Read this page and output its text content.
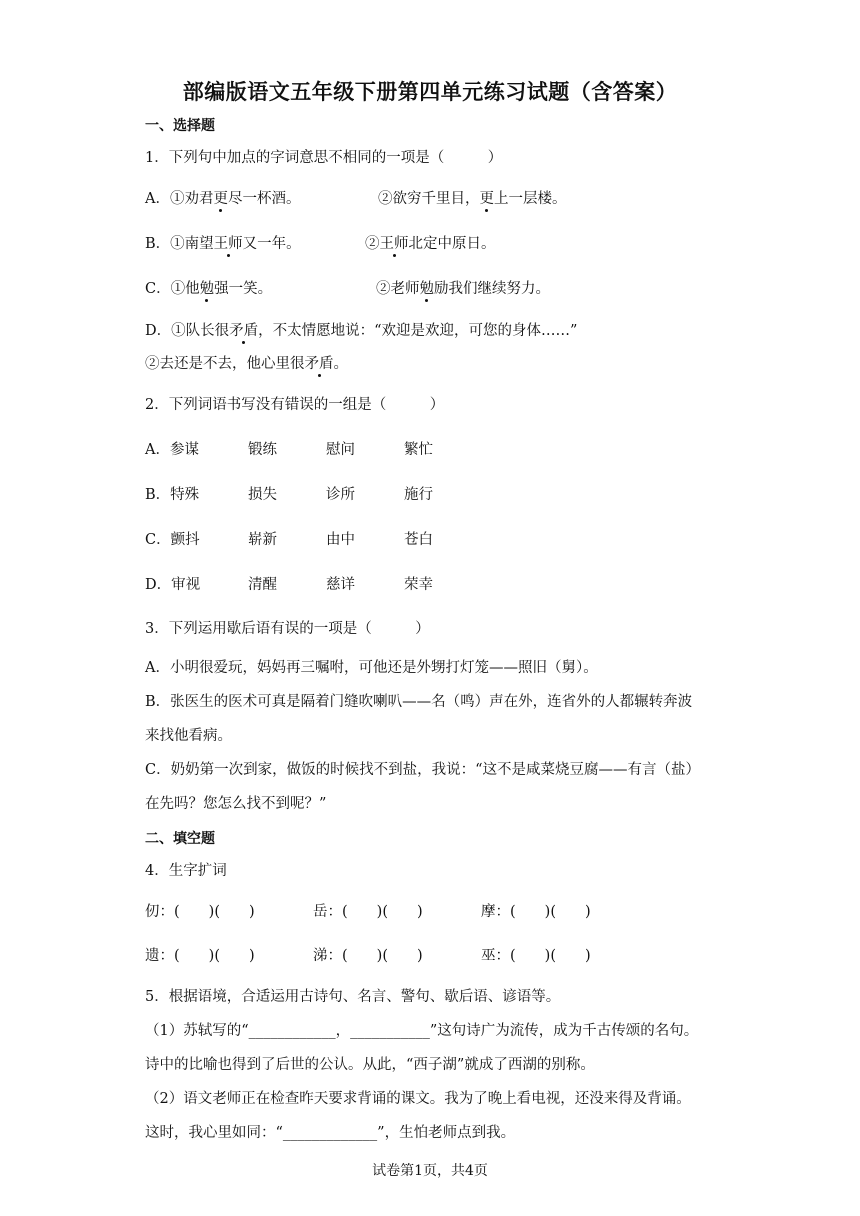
部编版语文五年级下册第四单元练习试题（含答案）
一、选择题
1．下列句中加点的字词意思不相同的一项是（　　　）
A．①劝君更尽一杯酒。	②欲穷千里目，更上一层楼。
B．①南望王师又一年。	②王师北定中原日。
C．①他勉强一笑。	②老师勉励我们继续努力。
D．①队长很矛盾，不太情愿地说：“欢迎是欢迎，可您的身体……”
②去还是不去，他心里很矛盾。
2．下列词语书写没有错误的一组是（　　　）
A．参谋	锻练	慰问	繁忙
B．特殊	损失	诊所	施行
C．颤抖	崭新	由中	苍白
D．审视	清醒	慈详	荣幸
3．下列运用歇后语有误的一项是（　　　）
A．小明很爱玩，妈妈再三嘱咐，可他还是外甥打灯笼——照旧（舅）。
B．张医生的医术可真是隔着门缝吹喇叭——名（鸣）声在外，连省外的人都辗转奔波
来找他看病。
C．奶奶第一次到家，做饭的时候找不到盐，我说：“这不是咸菜烧豆腐——有言（盐）
在先吗？您怎么找不到呢？”
二、填空题
4．生字扩词
仞：(　　)(　　)	岳：(　　)(　　)	摩：(　　)(　　)
遗：(　　)(　　)	涕：(　　)(　　)	巫：(　　)(　　)
5．根据语境，合适运用古诗句、名言、警句、歇后语、谚语等。
（1）苏轼写的“____________，___________”这句诗广为流传，成为千古传颂的名句。
诗中的比喻也得到了后世的公认。从此，“西子湖”就成了西湖的别称。
（2）语文老师正在检查昨天要求背诵的课文。我为了晚上看电视，还没来得及背诵。
这时，我心里如同：“_____________”，生怕老师点到我。
试卷第1页，共4页
